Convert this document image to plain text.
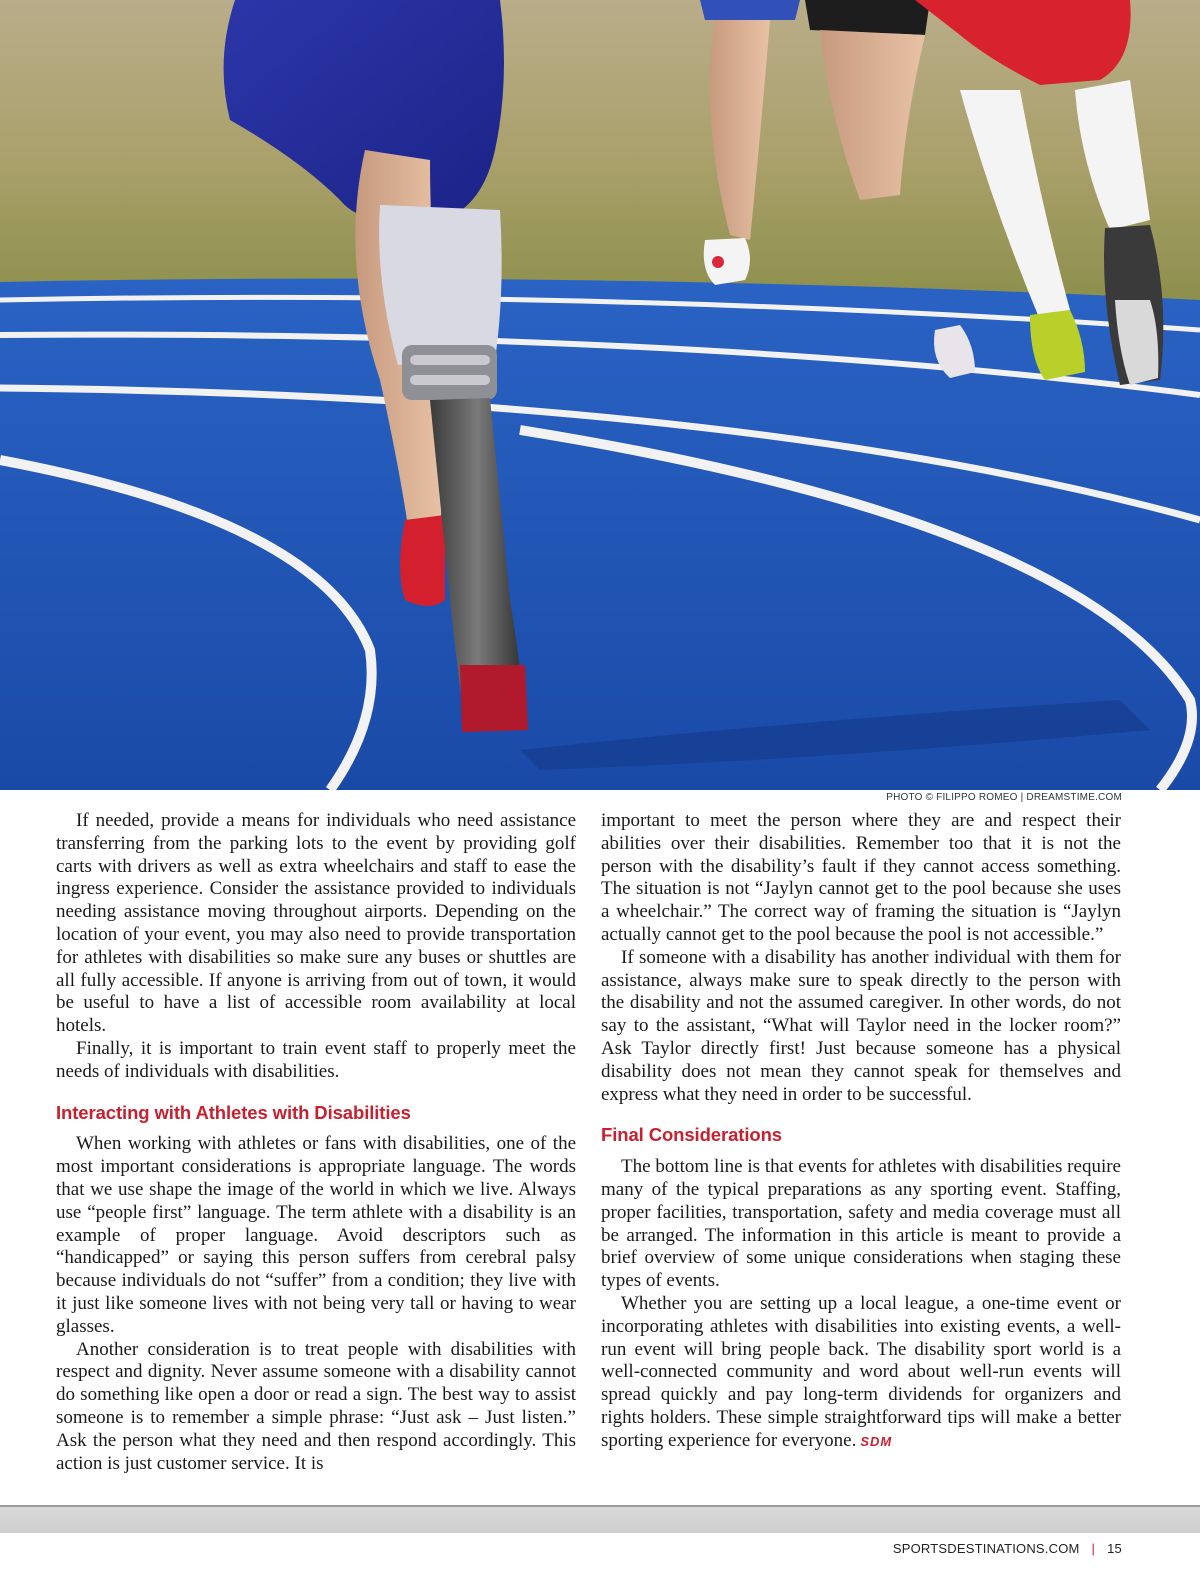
PHOTO © FILIPPO ROMEO | DREAMSTIME.COM

If needed, provide a means for individuals who need assistance transferring from the parking lots to the event by providing golf carts with drivers as well as extra wheelchairs and staff to ease the ingress experience. Consider the assistance provided to individuals needing assistance moving throughout airports. Depending on the location of your event, you may also need to provide transportation for athletes with disabilities so make sure any buses or shuttles are all fully accessible. If anyone is arriving from out of town, it would be useful to have a list of accessible room availability at local hotels.

Finally, it is important to train event staff to properly meet the needs of individuals with disabilities.

Interacting with Athletes with Disabilities

When working with athletes or fans with disabilities, one of the most important considerations is appropriate language. The words that we use shape the image of the world in which we live. Always use “people first” language. The term athlete with a disability is an example of proper language. Avoid descriptors such as “handicapped” or saying this person suffers from cerebral palsy because individuals do not “suffer” from a condition; they live with it just like someone lives with not being very tall or having to wear glasses.

Another consideration is to treat people with disabilities with respect and dignity. Never assume someone with a disability cannot do something like open a door or read a sign. The best way to assist someone is to remember a simple phrase: “Just ask – Just listen.” Ask the person what they need and then respond accordingly. This action is just customer service. It is

important to meet the person where they are and respect their abilities over their disabilities. Remember too that it is not the person with the disability’s fault if they cannot access something. The situation is not “Jaylyn cannot get to the pool because she uses a wheelchair.” The correct way of framing the situation is “Jaylyn actually cannot get to the pool because the pool is not accessible.”

If someone with a disability has another individual with them for assistance, always make sure to speak directly to the person with the disability and not the assumed caregiver. In other words, do not say to the assistant, “What will Taylor need in the locker room?” Ask Taylor directly first! Just because someone has a physical disability does not mean they cannot speak for themselves and express what they need in order to be successful.

Final Considerations

The bottom line is that events for athletes with disabilities require many of the typical preparations as any sporting event. Staffing, proper facilities, transportation, safety and media coverage must all be arranged. The information in this article is meant to provide a brief overview of some unique considerations when staging these types of events.

Whether you are setting up a local league, a one-time event or incorporating athletes with disabilities into existing events, a well-run event will bring people back. The disability sport world is a well-connected community and word about well-run events will spread quickly and pay long-term dividends for organizers and rights holders. These simple straightforward tips will make a better sporting experience for everyone. SDM

SPORTSDESTINATIONS.COM | 15
